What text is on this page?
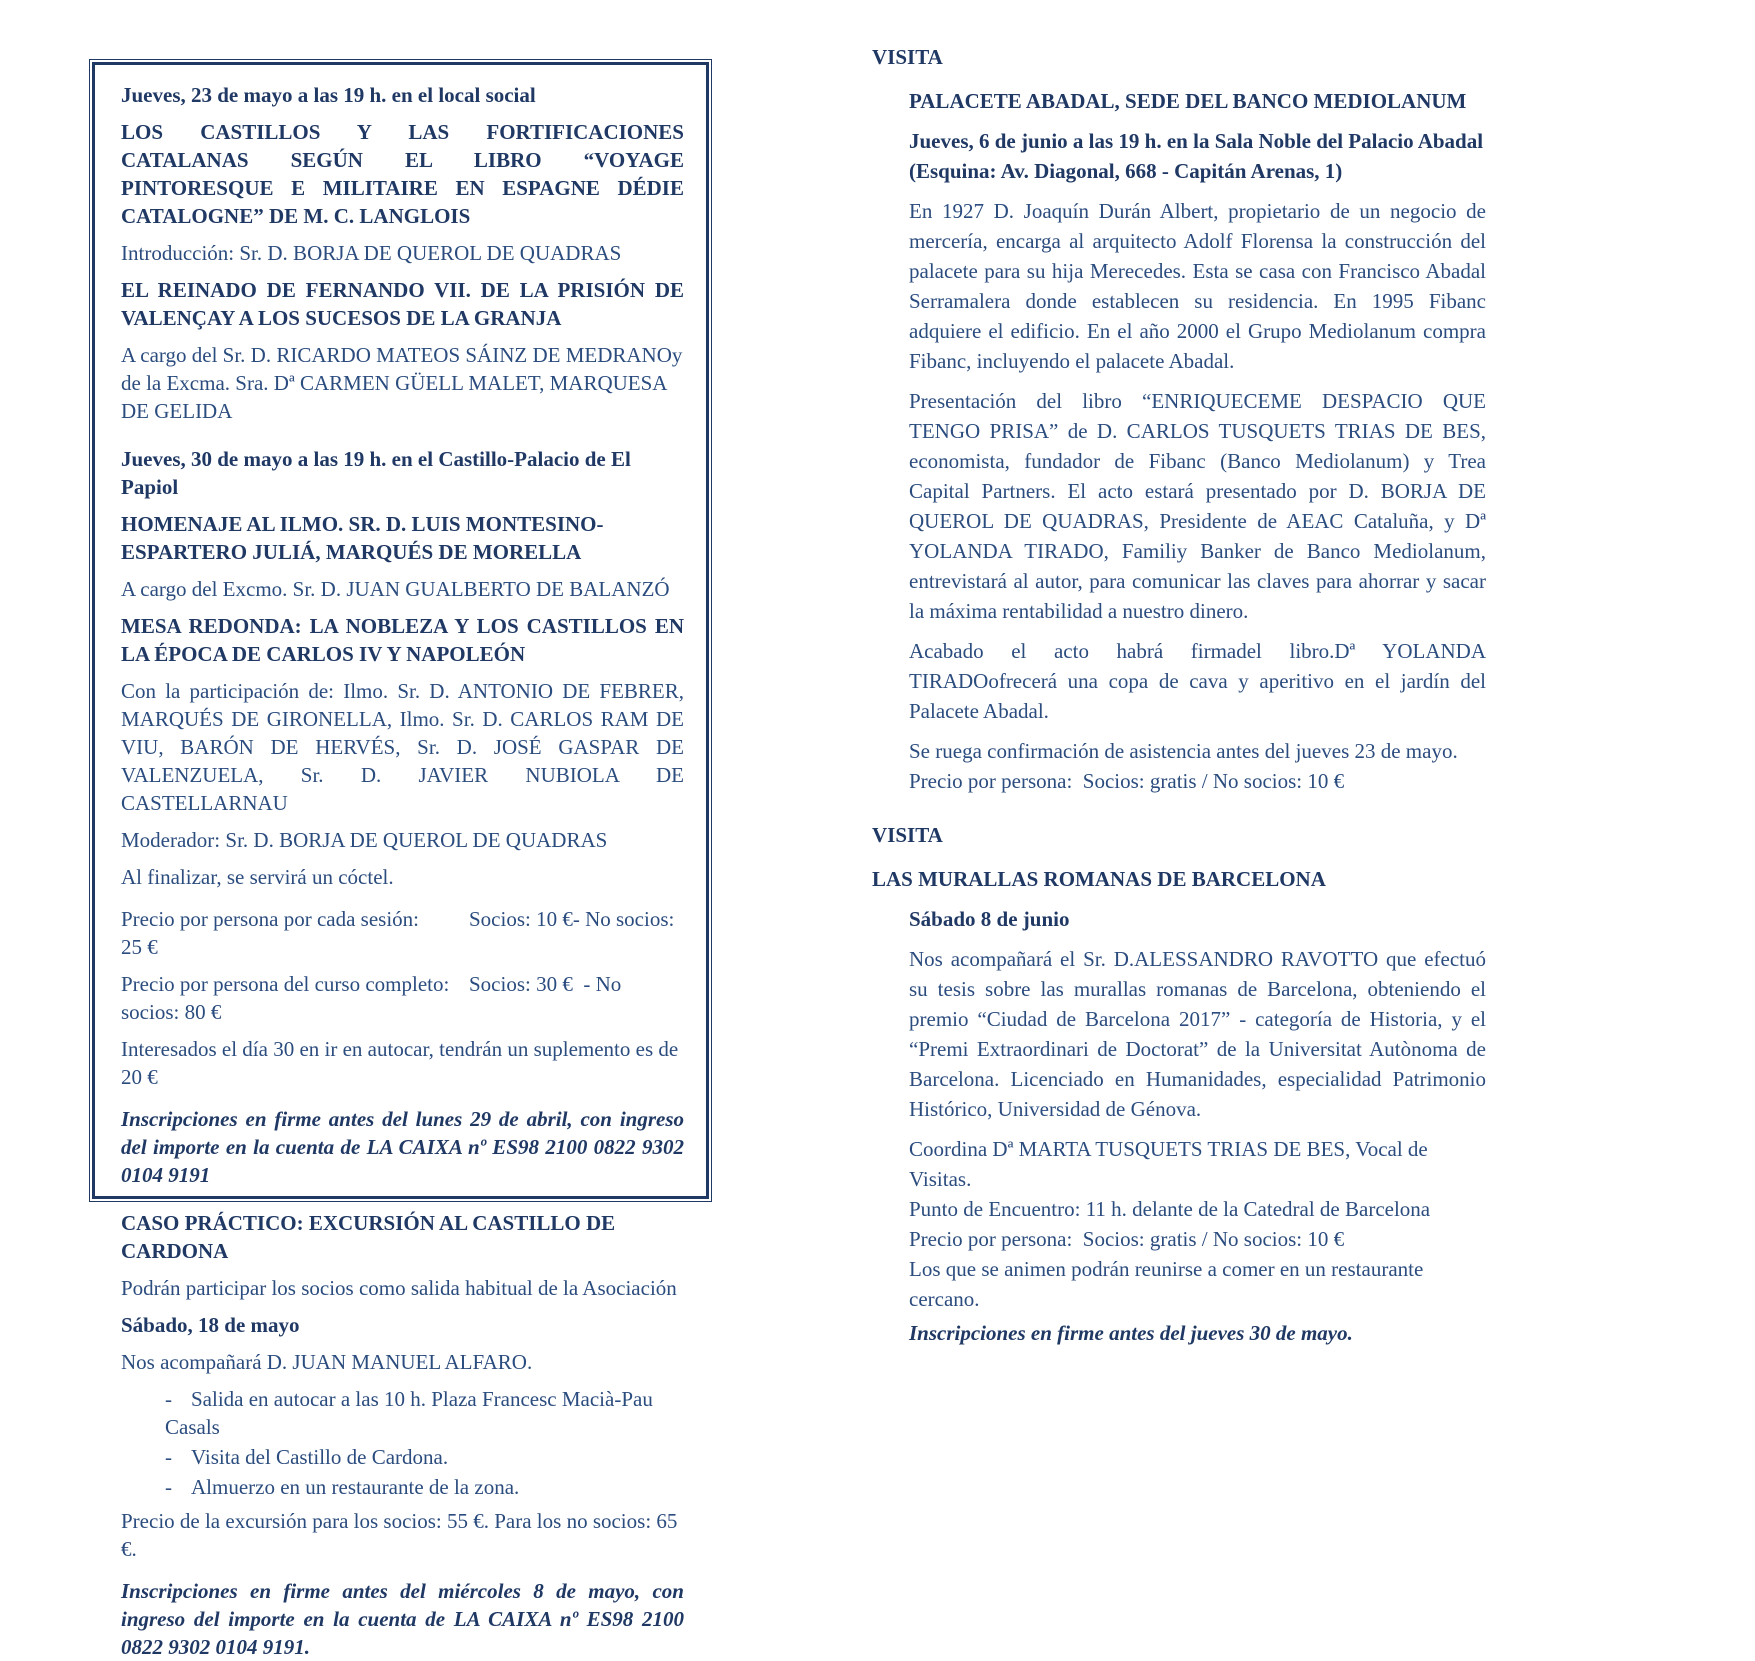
Jueves, 23 de mayo a las 19 h. en el local social

LOS CASTILLOS Y LAS FORTIFICACIONES CATALANAS SEGÚN EL LIBRO “VOYAGE PINTORESQUE E MILITAIRE EN ESPAGNE DÉDIE CATALOGNE” DE M. C. LANGLOIS

Introducción: Sr. D. BORJA DE QUEROL DE QUADRAS

EL REINADO DE FERNANDO VII. DE LA PRISIÓN DE VALENÇAY A LOS SUCESOS DE LA GRANJA

A cargo del Sr. D. RICARDO MATEOS SÁINZ DE MEDRANOy de la Excma. Sra. Dª CARMEN GÜELL MALET, MARQUESA DE GELIDA

Jueves, 30 de mayo a las 19 h. en el Castillo-Palacio de El Papiol

HOMENAJE AL ILMO. SR. D. LUIS MONTESINO-ESPARTERO JULIÁ, MARQUÉS DE MORELLA

A cargo del Excmo. Sr. D. JUAN GUALBERTO DE BALANZÓ

MESA REDONDA: LA NOBLEZA Y LOS CASTILLOS EN LA ÉPOCA DE CARLOS IV Y NAPOLEÓN

Con la participación de: Ilmo. Sr. D. ANTONIO DE FEBRER, MARQUÉS DE GIRONELLA, Ilmo. Sr. D. CARLOS RAM DE VIU, BARÓN DE HERVÉS, Sr. D. JOSÉ GASPAR DE VALENZUELA, Sr. D. JAVIER NUBIOLA DE CASTELLARNAU

Moderador: Sr. D. BORJA DE QUEROL DE QUADRAS

Al finalizar, se servirá un cóctel.

Precio por persona por cada sesión: Socios: 10 €- No socios: 25 €

Precio por persona del curso completo: Socios: 30 €  - No socios: 80 €

Interesados el día 30 en ir en autocar, tendrán un suplemento es de 20 €

Inscripciones en firme antes del lunes 29 de abril, con ingreso del importe en la cuenta de LA CAIXA nº ES98 2100 0822 9302 0104 9191

CASO PRÁCTICO: EXCURSIÓN AL CASTILLO DE CARDONA

Podrán participar los socios como salida habitual de la Asociación

Sábado, 18 de mayo

Nos acompañará D. JUAN MANUEL ALFARO.

- Salida en autocar a las 10 h. Plaza Francesc Macià-Pau Casals
- Visita del Castillo de Cardona.
- Almuerzo en un restaurante de la zona.

Precio de la excursión para los socios: 55 €. Para los no socios: 65 €.

Inscripciones en firme antes del miércoles 8 de mayo, con ingreso del importe en la cuenta de LA CAIXA nº ES98 2100 0822 9302 0104 9191.

VISITA

PALACETE ABADAL, SEDE DEL BANCO MEDIOLANUM

Jueves, 6 de junio a las 19 h. en la Sala Noble del Palacio Abadal

(Esquina: Av. Diagonal, 668 - Capitán Arenas, 1)

En 1927 D. Joaquín Durán Albert, propietario de un negocio de mercería, encarga al arquitecto Adolf Florensa la construcción del palacete para su hija Merecedes. Esta se casa con Francisco Abadal Serramalera donde establecen su residencia. En 1995 Fibanc adquiere el edificio. En el año 2000 el Grupo Mediolanum compra Fibanc, incluyendo el palacete Abadal.

Presentación del libro “ENRIQUECEME DESPACIO QUE TENGO PRISA” de D. CARLOS TUSQUETS TRIAS DE BES, economista, fundador de Fibanc (Banco Mediolanum) y Trea Capital Partners. El acto estará presentado por D. BORJA DE QUEROL DE QUADRAS, Presidente de AEAC Cataluña, y Dª YOLANDA TIRADO, Familiy Banker de Banco Mediolanum, entrevistará al autor, para comunicar las claves para ahorrar y sacar la máxima rentabilidad a nuestro dinero.

Acabado el acto habrá firmadel libro.Dª YOLANDA TIRADOofrecerá una copa de cava y aperitivo en el jardín del Palacete Abadal.

Se ruega confirmación de asistencia antes del jueves 23 de mayo.

Precio por persona:  Socios: gratis / No socios: 10 €

VISITA

LAS MURALLAS ROMANAS DE BARCELONA

Sábado 8 de junio

Nos acompañará el Sr. D.ALESSANDRO RAVOTTO que efectuó su tesis sobre las murallas romanas de Barcelona, obteniendo el premio “Ciudad de Barcelona 2017” - categoría de Historia, y el “Premi Extraordinari de Doctorat” de la Universitat Autònoma de Barcelona. Licenciado en Humanidades, especialidad Patrimonio Histórico, Universidad de Génova.

Coordina Dª MARTA TUSQUETS TRIAS DE BES, Vocal de Visitas.

Punto de Encuentro: 11 h. delante de la Catedral de Barcelona

Precio por persona:  Socios: gratis / No socios: 10 €

Los que se animen podrán reunirse a comer en un restaurante cercano.

Inscripciones en firme antes del jueves 30 de mayo.
